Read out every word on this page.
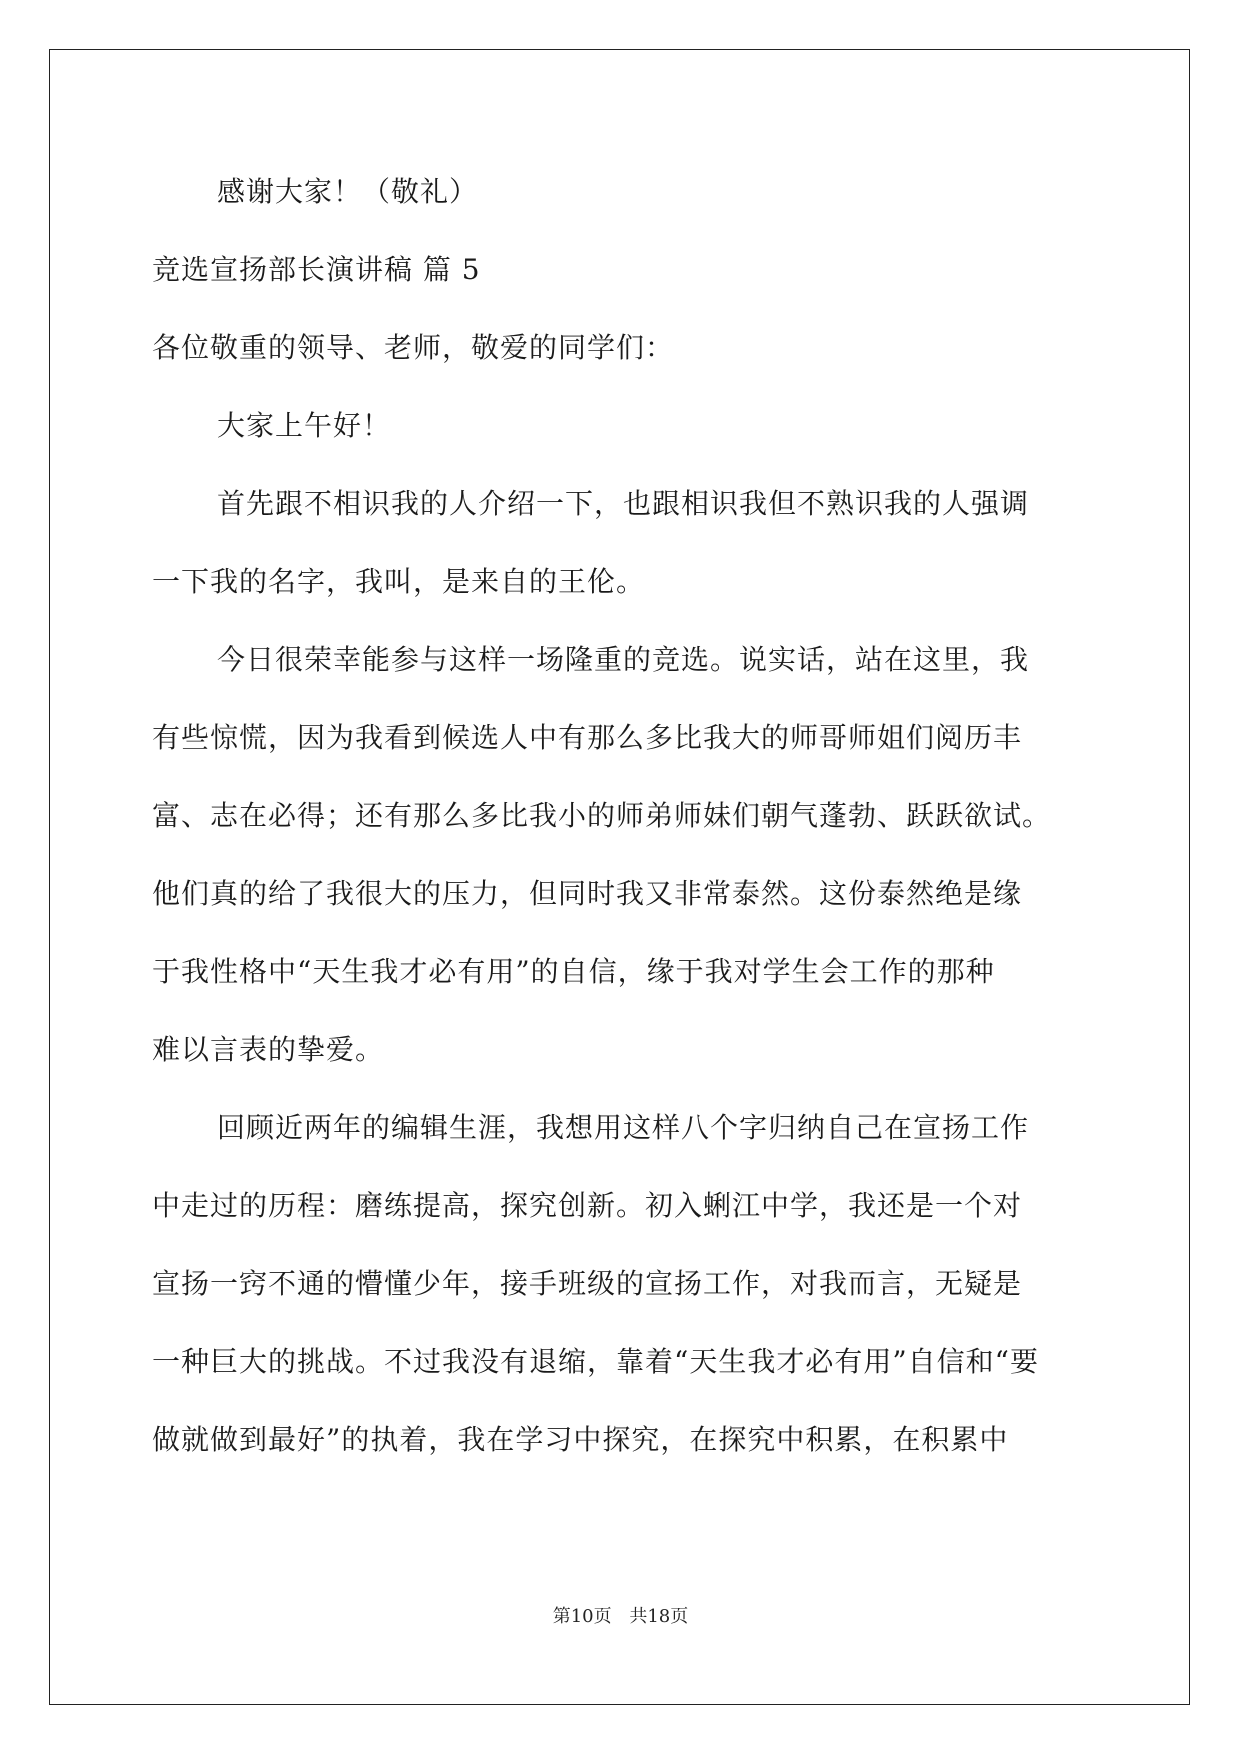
感谢大家！（敬礼）
竞选宣扬部长演讲稿 篇 5
各位敬重的领导、老师，敬爱的同学们：
大家上午好！
首先跟不相识我的人介绍一下，也跟相识我但不熟识我的人强调
一下我的名字，我叫，是来自的王伦。
今日很荣幸能参与这样一场隆重的竞选。说实话，站在这里，我
有些惊慌，因为我看到候选人中有那么多比我大的师哥师姐们阅历丰
富、志在必得；还有那么多比我小的师弟师妹们朝气蓬勃、跃跃欲试。
他们真的给了我很大的压力，但同时我又非常泰然。这份泰然绝是缘
于我性格中“天生我才必有用”的自信，缘于我对学生会工作的那种
难以言表的挚爱。
回顾近两年的编辑生涯，我想用这样八个字归纳自己在宣扬工作
中走过的历程：磨练提高，探究创新。初入蜊江中学，我还是一个对
宣扬一窍不通的懵懂少年，接手班级的宣扬工作，对我而言，无疑是
一种巨大的挑战。不过我没有退缩，靠着“天生我才必有用”自信和“要
做就做到最好”的执着，我在学习中探究，在探究中积累，在积累中
第10页 共18页
